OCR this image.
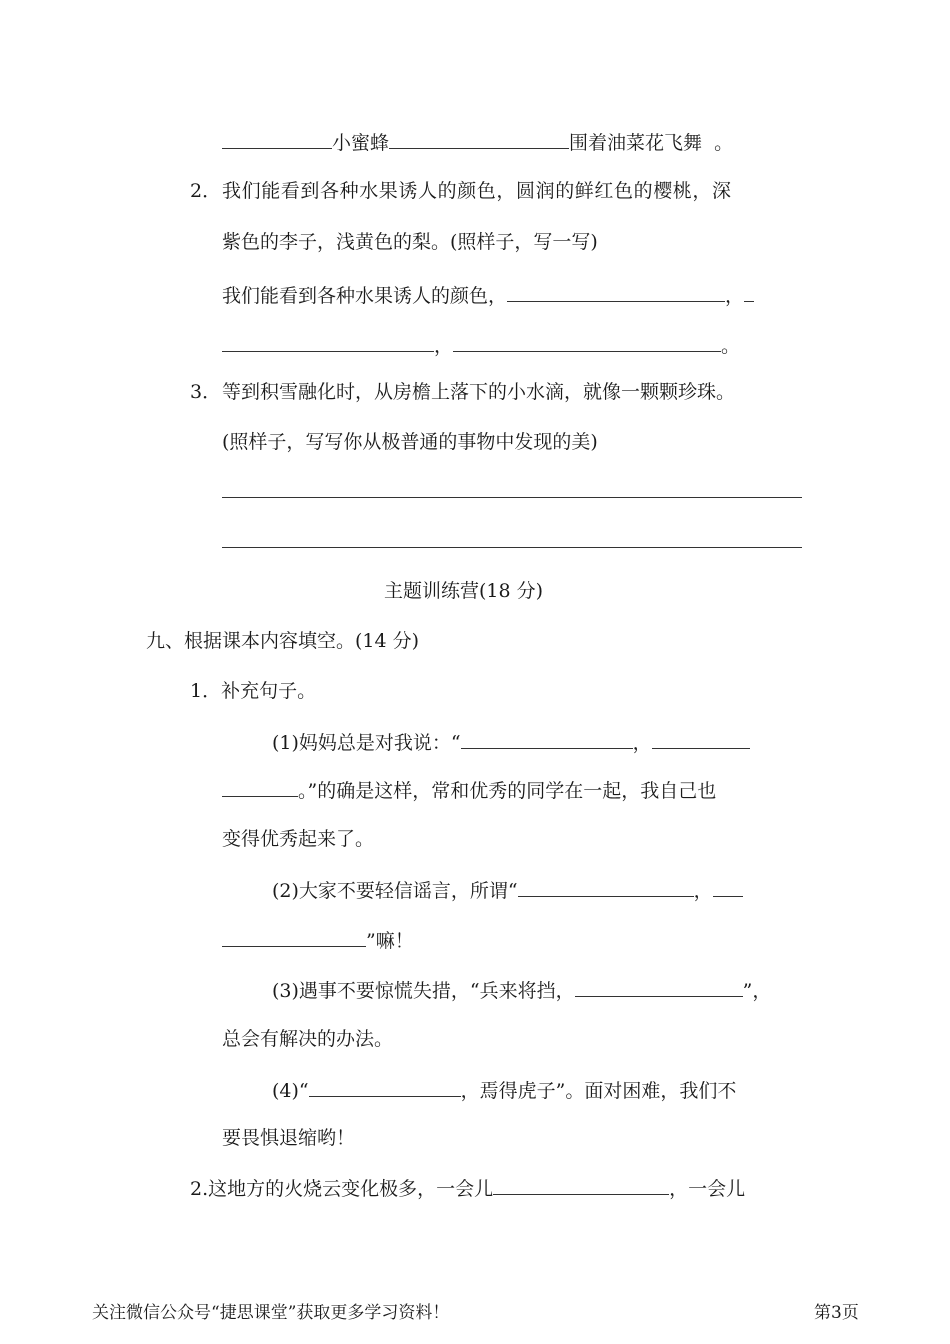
小蜜蜂	围着油菜花飞舞 。
2． 我们能看到各种水果诱人的颜色，圆润的鲜红色的樱桃，深
紫色的李子，浅黄色的梨。(照样子，写一写)
我们能看到各种水果诱人的颜色，	，
，	。
3． 等到积雪融化时，从房檐上落下的小水滴，就像一颗颗珍珠。
(照样子，写写你从极普通的事物中发现的美)
主题训练营(18 分)
九、根据课本内容填空。(14 分)
1．补充句子。
(1)妈妈总是对我说：“	，
。”的确是这样，常和优秀的同学在一起，我自己也
变得优秀起来了。
(2)大家不要轻信谣言，所谓“	，
”嘛！
(3)遇事不要惊慌失措，“兵来将挡，	”，
总会有解决的办法。
(4)“	，焉得虎子”。面对困难，我们不
要畏惧退缩哟！
2.这地方的火烧云变化极多，一会儿	，一会儿
关注微信公众号“捷思课堂”获取更多学习资料！	第3页
